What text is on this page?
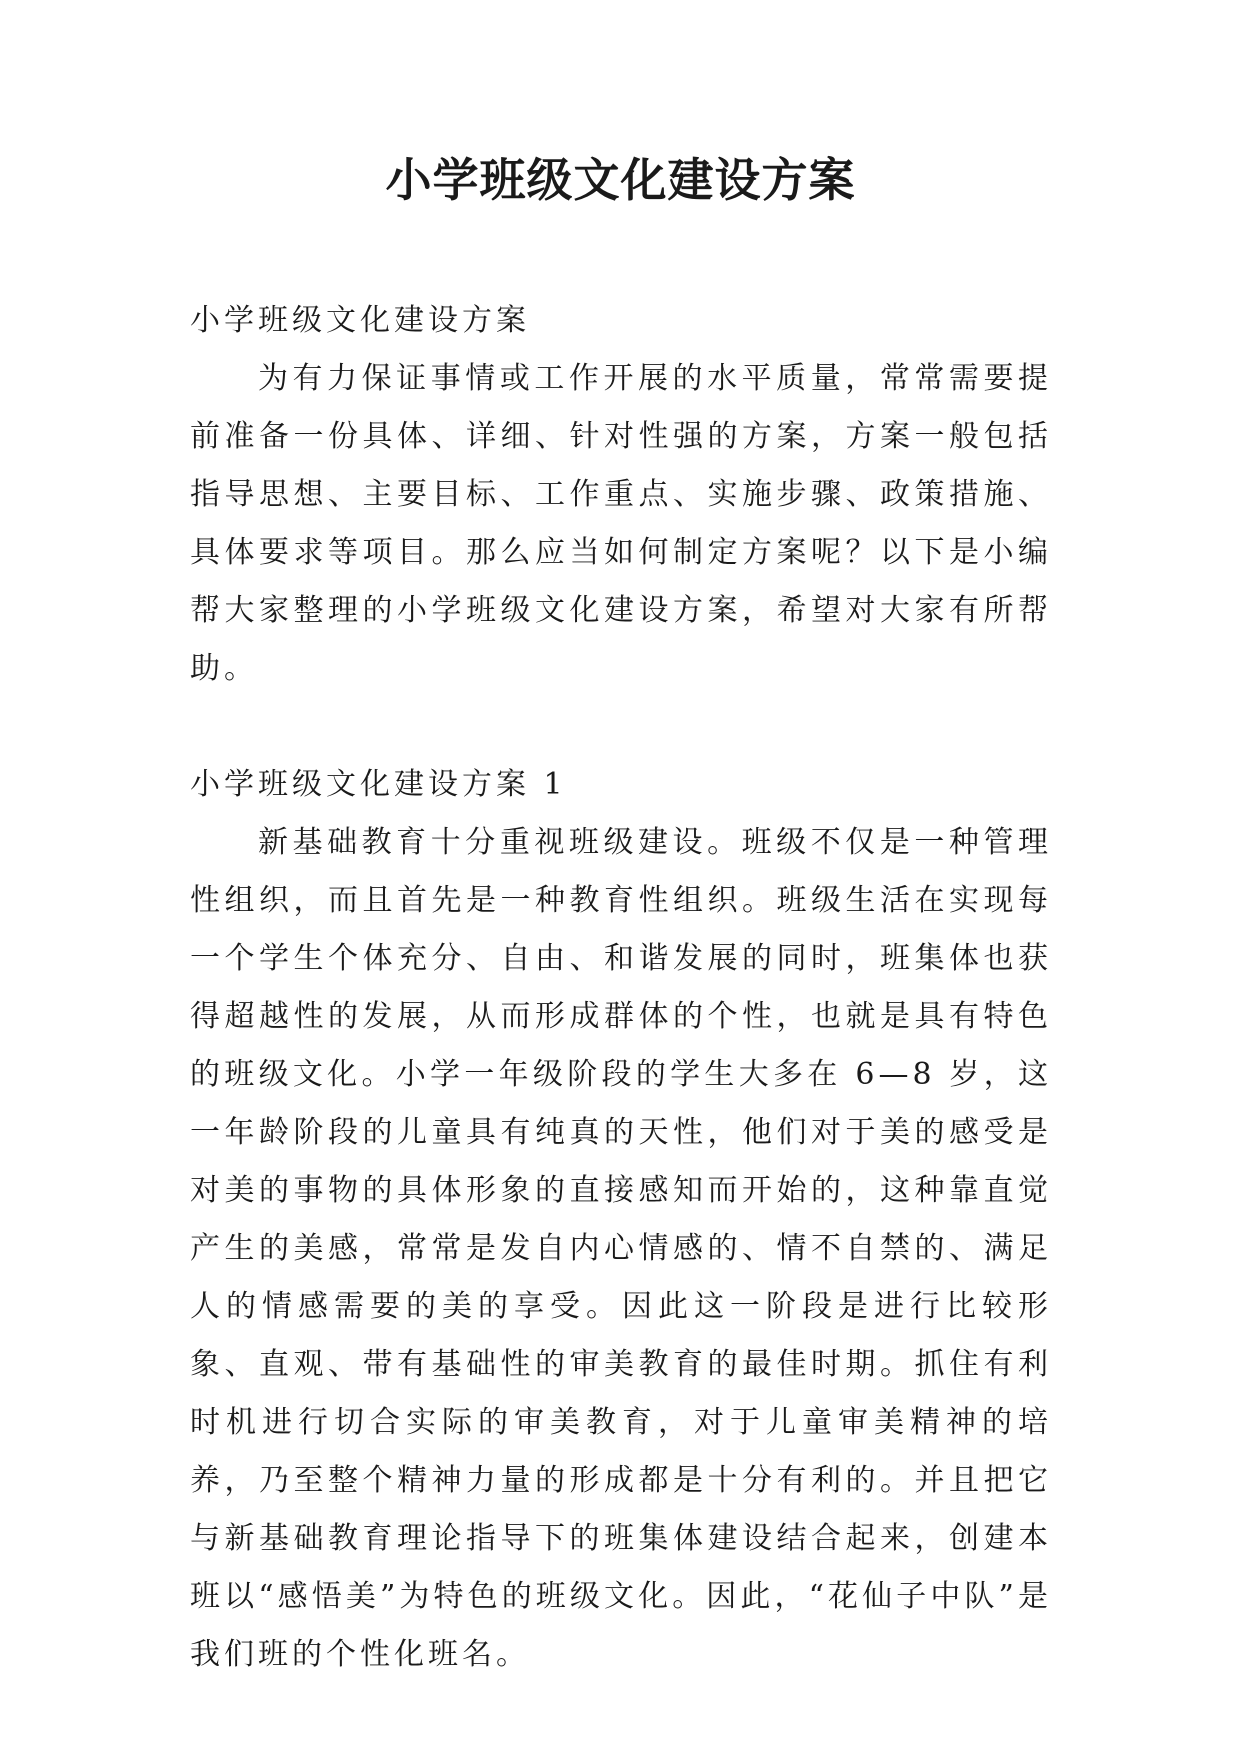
小学班级文化建设方案

小学班级文化建设方案

为有力保证事情或工作开展的水平质量，常常需要提前准备一份具体、详细、针对性强的方案，方案一般包括指导思想、主要目标、工作重点、实施步骤、政策措施、具体要求等项目。那么应当如何制定方案呢？以下是小编帮大家整理的小学班级文化建设方案，希望对大家有所帮助。

小学班级文化建设方案 1

新基础教育十分重视班级建设。班级不仅是一种管理性组织，而且首先是一种教育性组织。班级生活在实现每一个学生个体充分、自由、和谐发展的同时，班集体也获得超越性的发展，从而形成群体的个性，也就是具有特色的班级文化。小学一年级阶段的学生大多在 6—8 岁，这一年龄阶段的儿童具有纯真的天性，他们对于美的感受是对美的事物的具体形象的直接感知而开始的，这种靠直觉产生的美感，常常是发自内心情感的、情不自禁的、满足人的情感需要的美的享受。因此这一阶段是进行比较形象、直观、带有基础性的审美教育的最佳时期。抓住有利时机进行切合实际的审美教育，对于儿童审美精神的培养，乃至整个精神力量的形成都是十分有利的。并且把它与新基础教育理论指导下的班集体建设结合起来，创建本班以“感悟美”为特色的班级文化。因此，“花仙子中队”是我们班的个性化班名。
